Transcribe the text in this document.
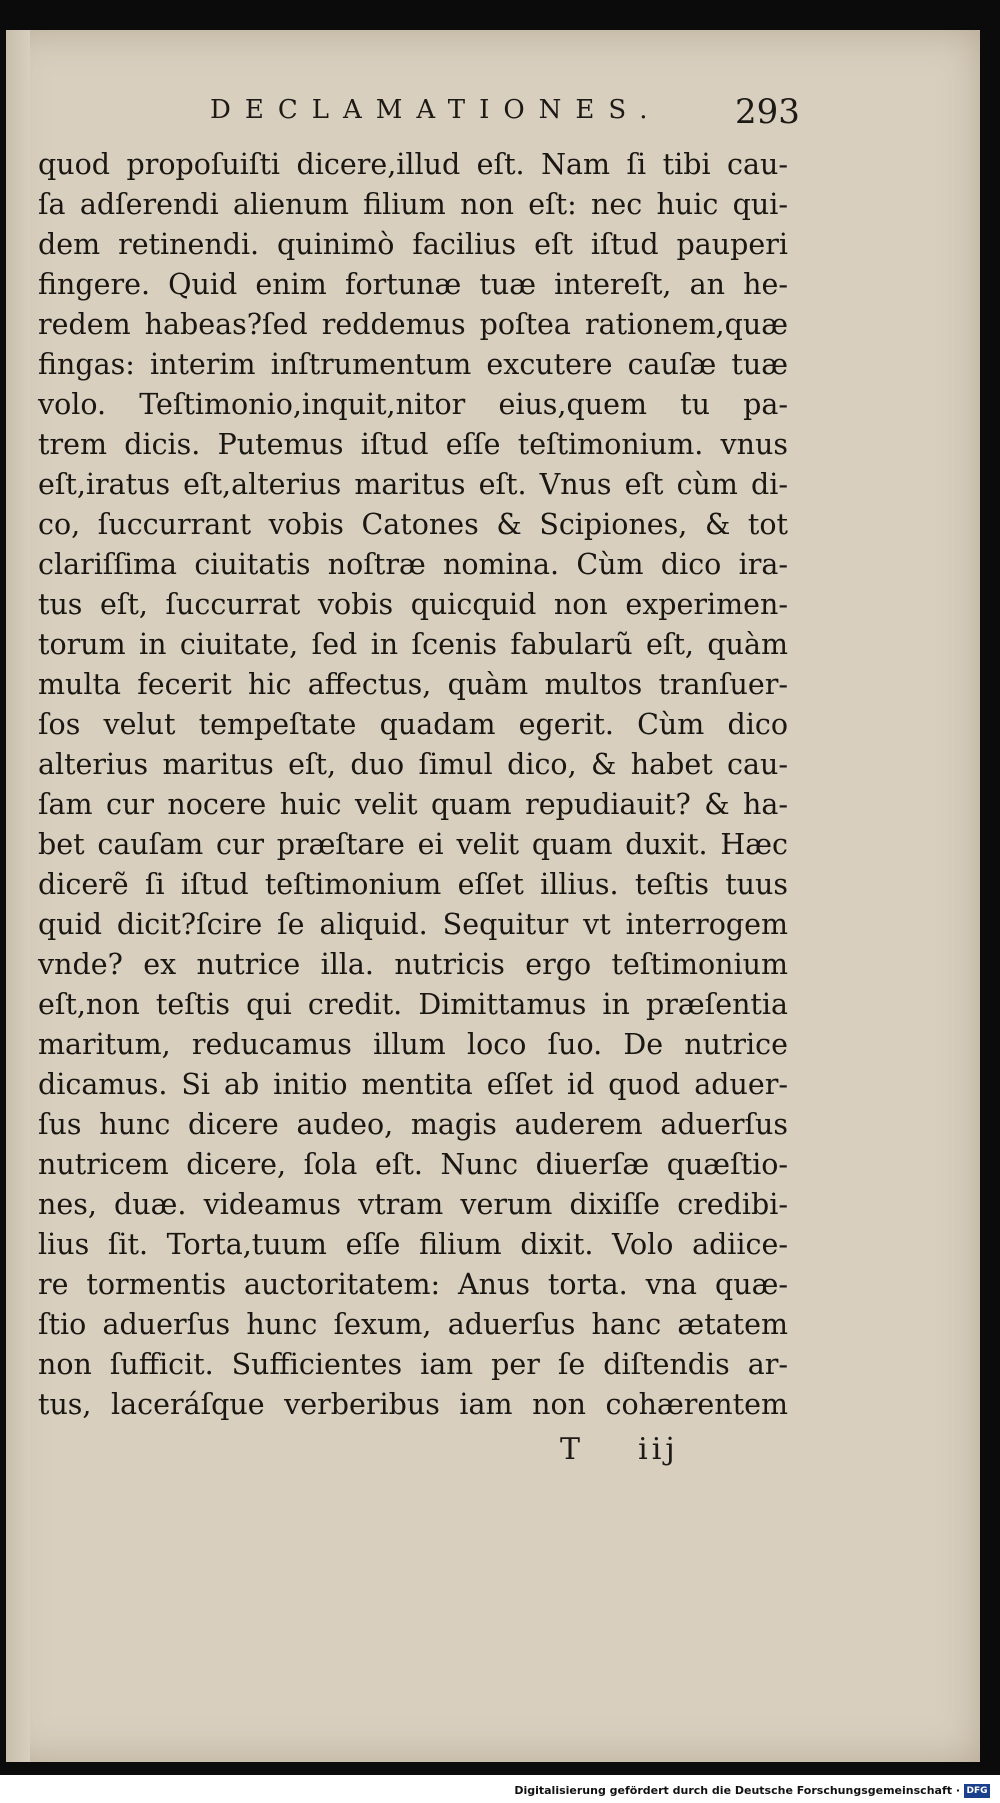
DECLAMATIONES. 293
quod propoſuiſti dicere,illud eſt. Nam ſi tibi cau-
ſa adſerendi alienum filium non eſt: nec huic qui-
dem retinendi. quinimò facilius eſt iſtud pauperi
fingere. Quid enim fortunæ tuæ intereſt, an he-
redem habeas?ſed reddemus poſtea rationem,quæ
fingas: interim inſtrumentum excutere cauſæ tuæ
volo. Teſtimonio,inquit,nitor eius,quem tu pa-
trem dicis. Putemus iſtud eſſe teſtimonium. vnus
eſt,iratus eſt,alterius maritus eſt. Vnus eſt cùm di-
co, ſuccurrant vobis Catones & Scipiones, & tot
clariſſima ciuitatis noſtræ nomina. Cùm dico ira-
tus eſt, ſuccurrat vobis quicquid non experimen-
torum in ciuitate, ſed in ſcenis fabularũ eſt, quàm
multa fecerit hic affectus, quàm multos tranſuer-
ſos velut tempeſtate quadam egerit. Cùm dico
alterius maritus eſt, duo ſimul dico, & habet cau-
ſam cur nocere huic velit quam repudiauit? & ha-
bet cauſam cur præſtare ei velit quam duxit. Hæc
dicerẽ ſi iſtud teſtimonium eſſet illius. teſtis tuus
quid dicit?ſcire ſe aliquid. Sequitur vt interrogem
vnde? ex nutrice illa. nutricis ergo teſtimonium
eſt,non teſtis qui credit. Dimittamus in præſentia
maritum, reducamus illum loco ſuo. De nutrice
dicamus. Si ab initio mentita eſſet id quod aduer-
ſus hunc dicere audeo, magis auderem aduerſus
nutricem dicere, ſola eſt. Nunc diuerſæ quæſtio-
nes, duæ. videamus vtram verum dixiſſe credibi-
lius ſit. Torta,tuum eſſe filium dixit. Volo adiice-
re tormentis auctoritatem: Anus torta. vna quæ-
ſtio aduerſus hunc ſexum, aduerſus hanc ætatem
non ſufficit. Sufficientes iam per ſe diſtendis ar-
tus, laceráſque verberibus iam non cohærentem
T    iij
Digitalisierung gefördert durch die Deutsche Forschungsgemeinschaft · DFG
